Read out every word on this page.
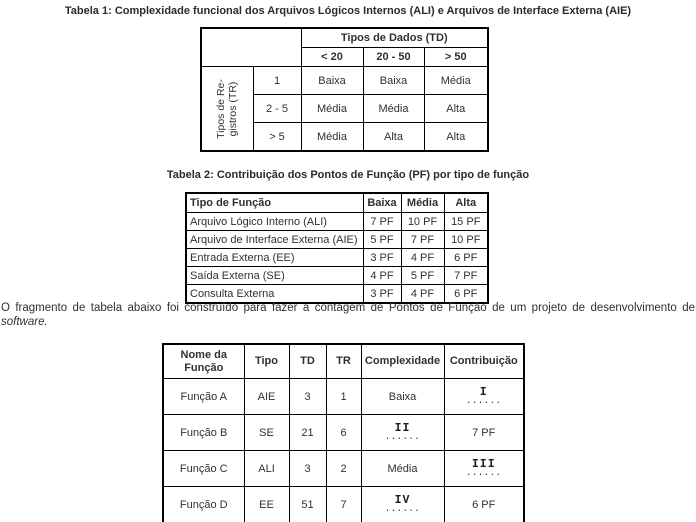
Tabela 1: Complexidade funcional dos Arquivos Lógicos Internos (ALI) e Arquivos de Interface Externa (AIE)
		Tipos de Dados (TD)		
		< 20	20 - 50	> 50

Tipos de Re- gistros (TR)	1	Baixa	Baixa	Média
	2 - 5	Média	Média	Alta
	> 5	Média	Alta	Alta
Tabela 2: Contribuição dos Pontos de Função (PF) por tipo de função
Tipo de Função	Baixa	Média	Alta
Arquivo Lógico Interno (ALI)	7 PF	10 PF	15 PF
Arquivo de Interface Externa (AIE)	5 PF	7 PF	10 PF
Entrada Externa (EE)	3 PF	4 PF	6 PF
Saída Externa (SE)	4 PF	5 PF	7 PF
Consulta Externa	3 PF	4 PF	6 PF
O fragmento de tabela abaixo foi construído para fazer a contagem de Pontos de Função de um projeto de desenvolvimento de software.
Nome da Função	Tipo	TD	TR	Complexidade	Contribuição
Função A	AIE	3	1	Baixa	I
......

Função B	SE	21	6	II
......	7 PF
Função C	ALI	3	2	Média	III
......

Função D	EE	51	7	IV
......	6 PF
